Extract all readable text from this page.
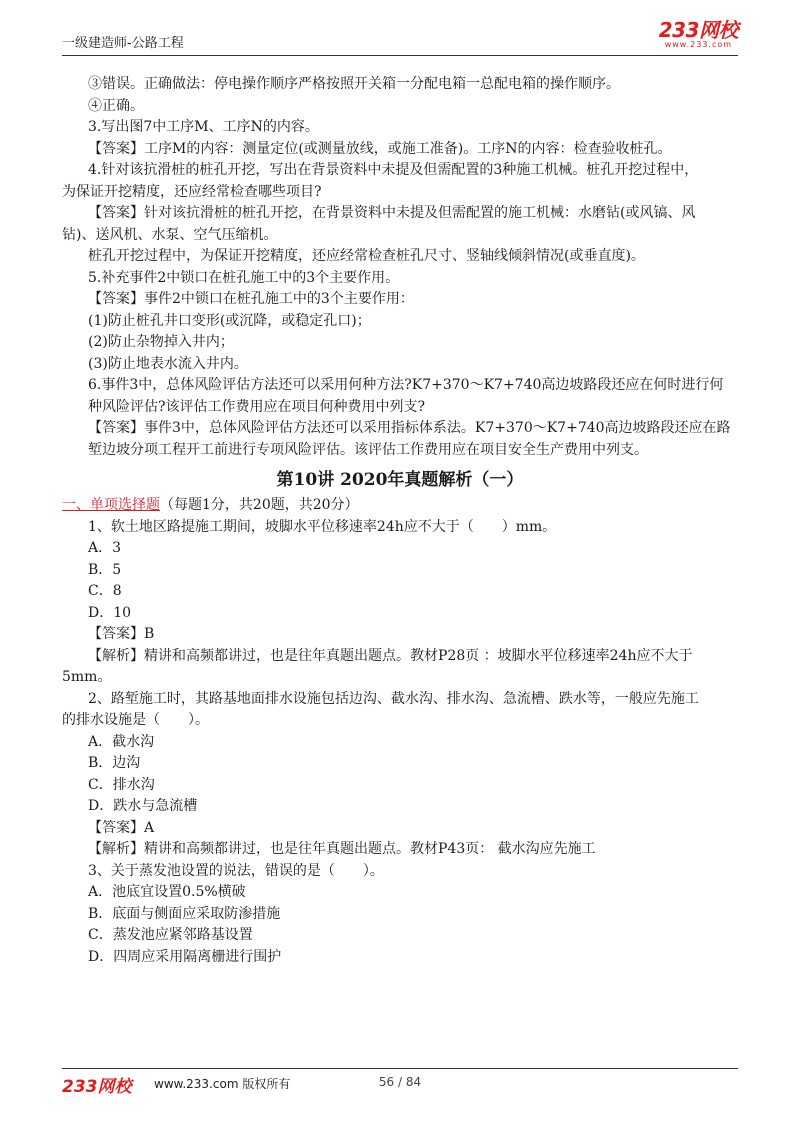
一级建造师-公路工程
233网校
www.233.com
③错误。正确做法：停电操作顺序严格按照开关箱一分配电箱一总配电箱的操作顺序。
④正确。
3.写出图7中工序M、工序N的内容。
【答案】工序M的内容：测量定位(或测量放线，或施工准备)。工序N的内容：检查验收桩孔。
4.针对该抗滑桩的桩孔开挖，写出在背景资料中未提及但需配置的3种施工机械。桩孔开挖过程中，
为保证开挖精度，还应经常检查哪些项目?
【答案】针对该抗滑桩的桩孔开挖，在背景资料中未提及但需配置的施工机械：水磨钻(或风镐、风
钻)、送风机、水泵、空气压缩机。
桩孔开挖过程中，为保证开挖精度，还应经常检查桩孔尺寸、竖轴线倾斜情况(或垂直度)。
5.补充事件2中锁口在桩孔施工中的3个主要作用。
【答案】事件2中锁口在桩孔施工中的3个主要作用：
(1)防止桩孔井口变形(或沉降，或稳定孔口)；
(2)防止杂物掉入井内；
(3)防止地表水流入井内。
6.事件3中，总体风险评估方法还可以采用何种方法?K7+370～K7+740高边坡路段还应在何时进行何
种风险评估?该评估工作费用应在项目何种费用中列支?
【答案】事件3中，总体风险评估方法还可以采用指标体系法。K7+370～K7+740高边坡路段还应在路
堑边坡分项工程开工前进行专项风险评估。该评估工作费用应在项目安全生产费用中列支。
第10讲 2020年真题解析（一）
一、单项选择题（每题1分，共20题，共20分）
1、软土地区路提施工期间，坡脚水平位移速率24h应不大于（　　）mm。
A．3
B．5
C．8
D．10
【答案】B
【解析】精讲和高频都讲过，也是往年真题出题点。教材P28页 ：坡脚水平位移速率24h应不大于
5mm。
2、路堑施工时，其路基地面排水设施包括边沟、截水沟、排水沟、急流槽、跌水等，一般应先施工
的排水设施是（　　）。
A．截水沟
B．边沟
C．排水沟
D．跌水与急流槽
【答案】A
【解析】精讲和高频都讲过，也是往年真题出题点。教材P43页： 截水沟应先施工
3、关于蒸发池设置的说法，错误的是（　　）。
A．池底宜设置0.5%横破
B．底面与侧面应采取防渗措施
C．蒸发池应紧邻路基设置
D．四周应采用隔离栅进行围护
233网校 www.233.com 版权所有	56 / 84
